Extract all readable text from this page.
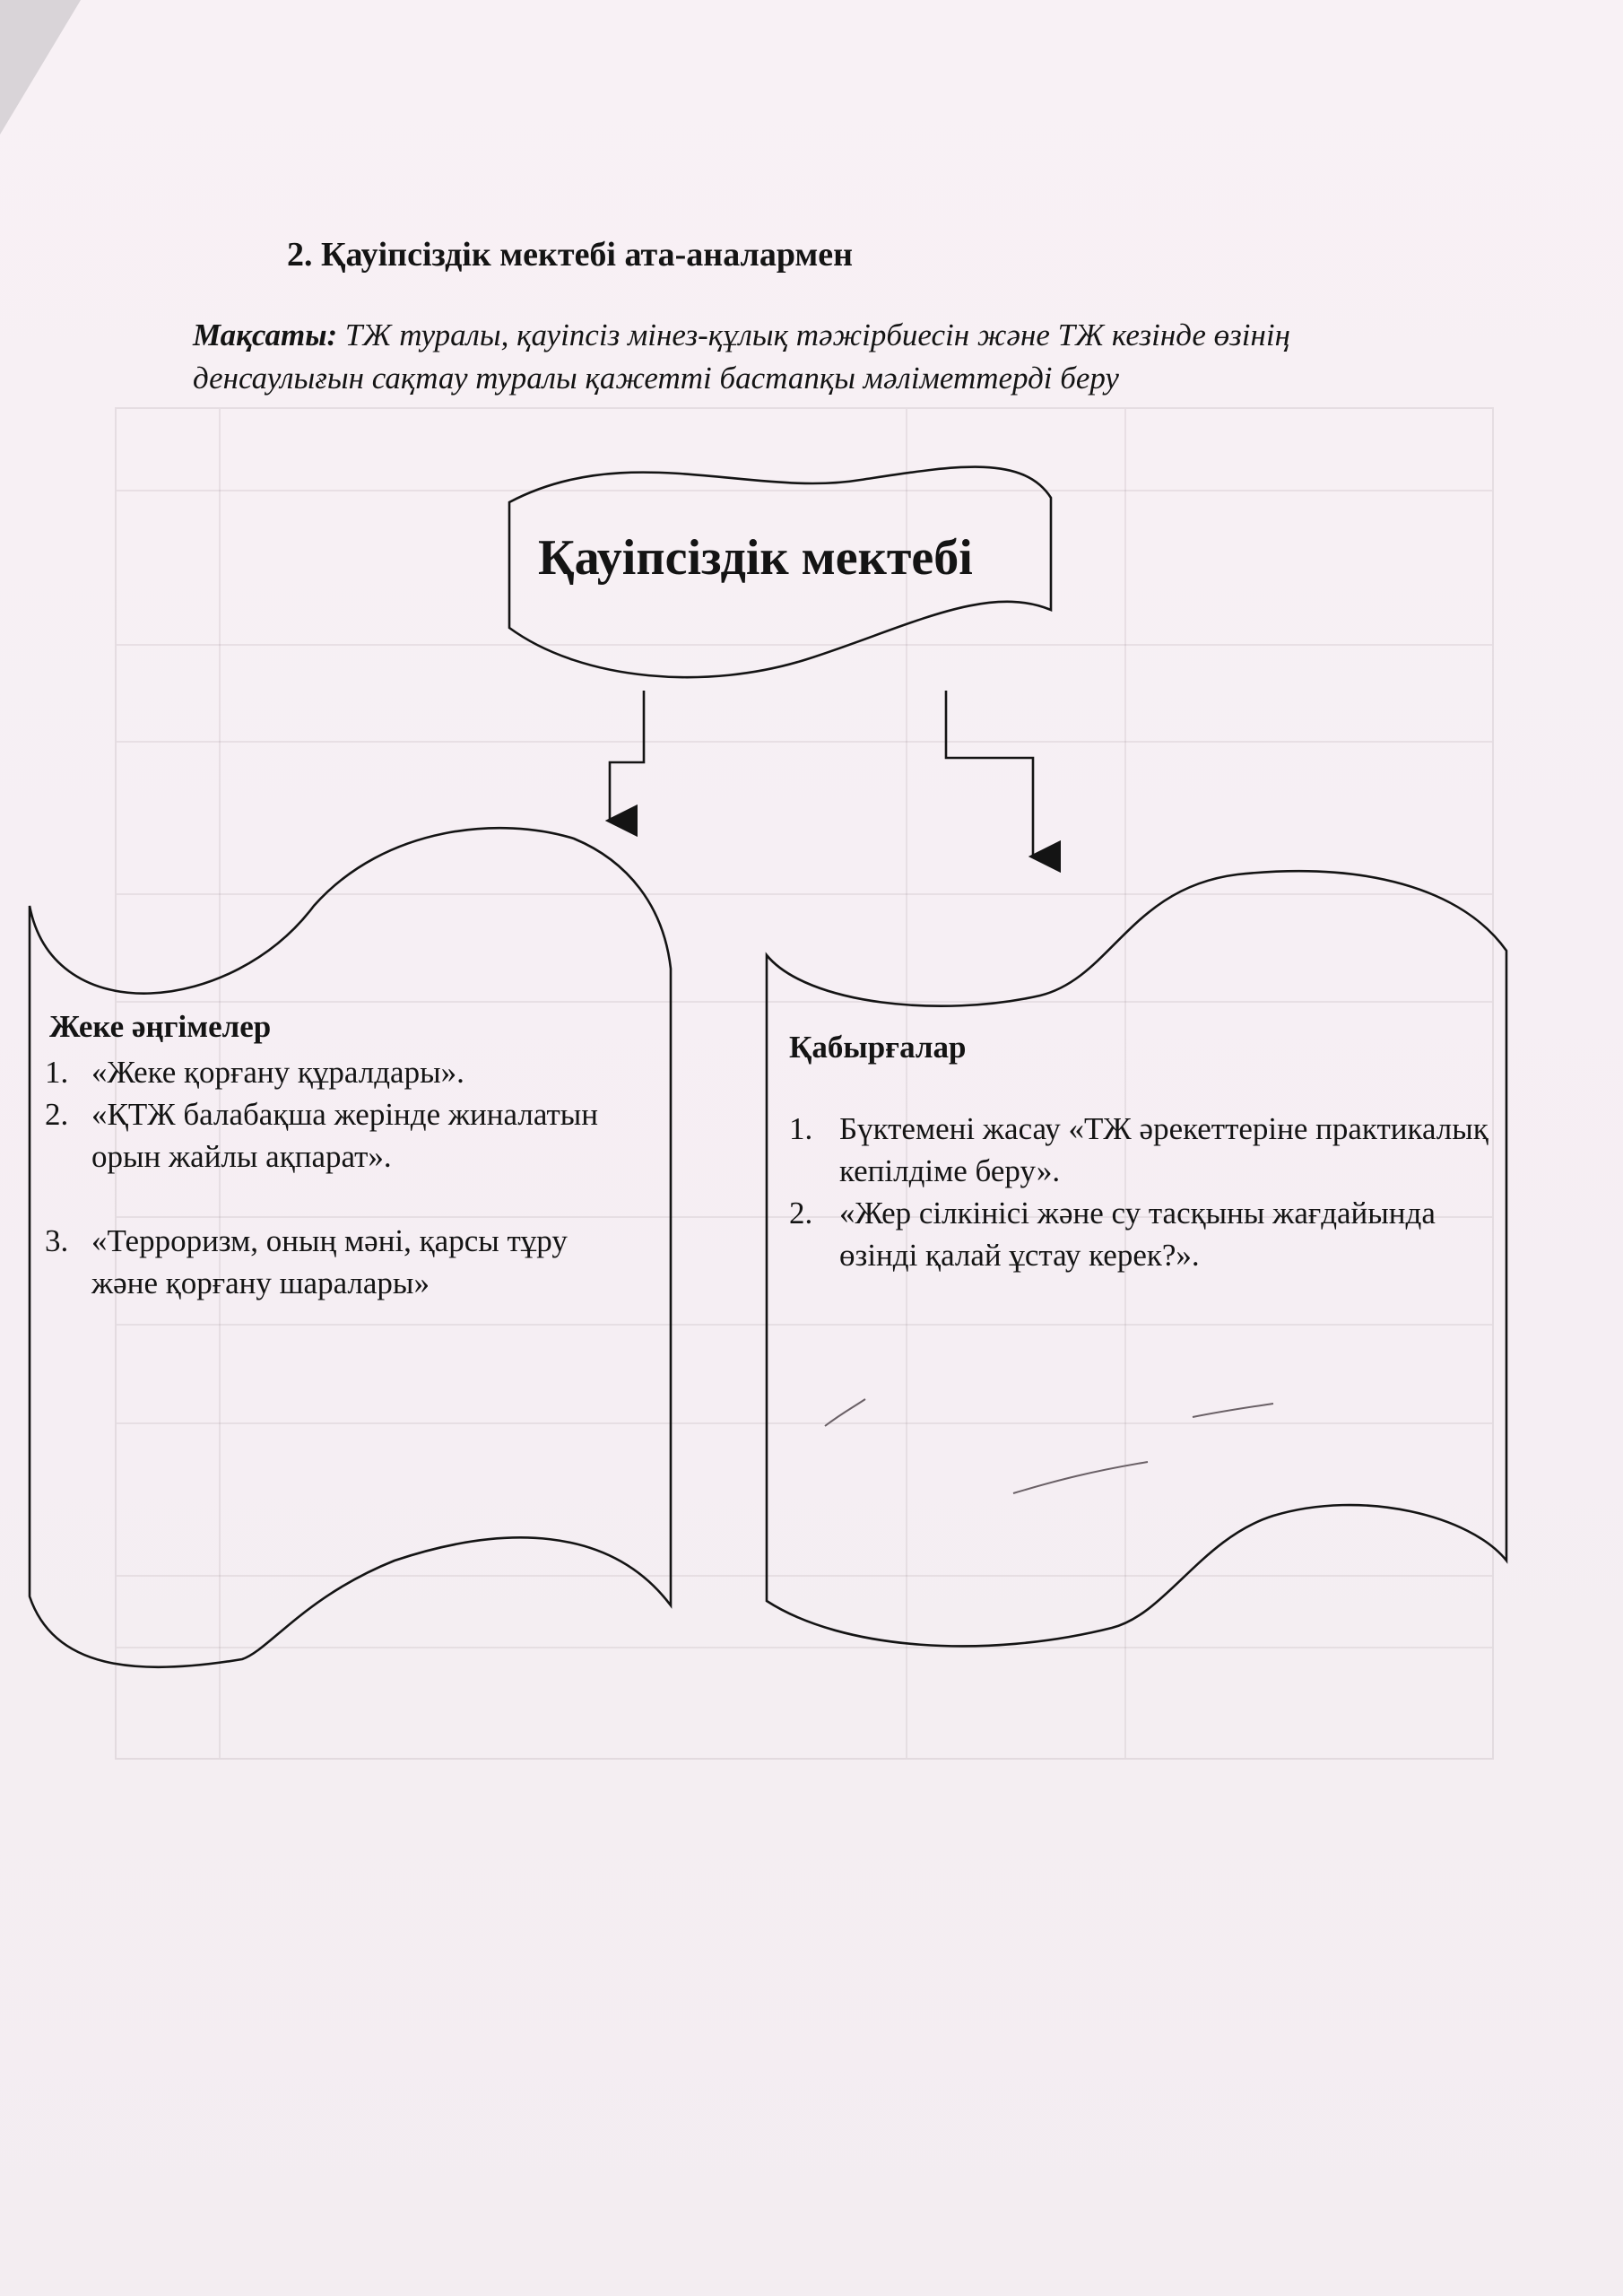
2. Қауіпсіздік мектебі ата-аналармен
Мақсаты: ТЖ туралы, қауіпсіз мінез-құлық тәжірбиесін және ТЖ кезінде өзінің денсаулығын сақтау туралы қажетті бастапқы мәліметтерді беру
Қауіпсіздік мектебі
Жеке әңгімелер
1. «Жеке қорғану құралдары».
2. «ҚТЖ балабақша жерінде жиналатын орын жайлы ақпарат».
3. «Терроризм, оның мәні, қарсы тұру және қорғану шаралары»
Қабырғалар
1. Бүктемені жасау «ТЖ әрекеттеріне практикалық кепілдіме беру».
2. «Жер сілкінісі және су тасқыны жағдайында өзінді қалай ұстау керек?».
